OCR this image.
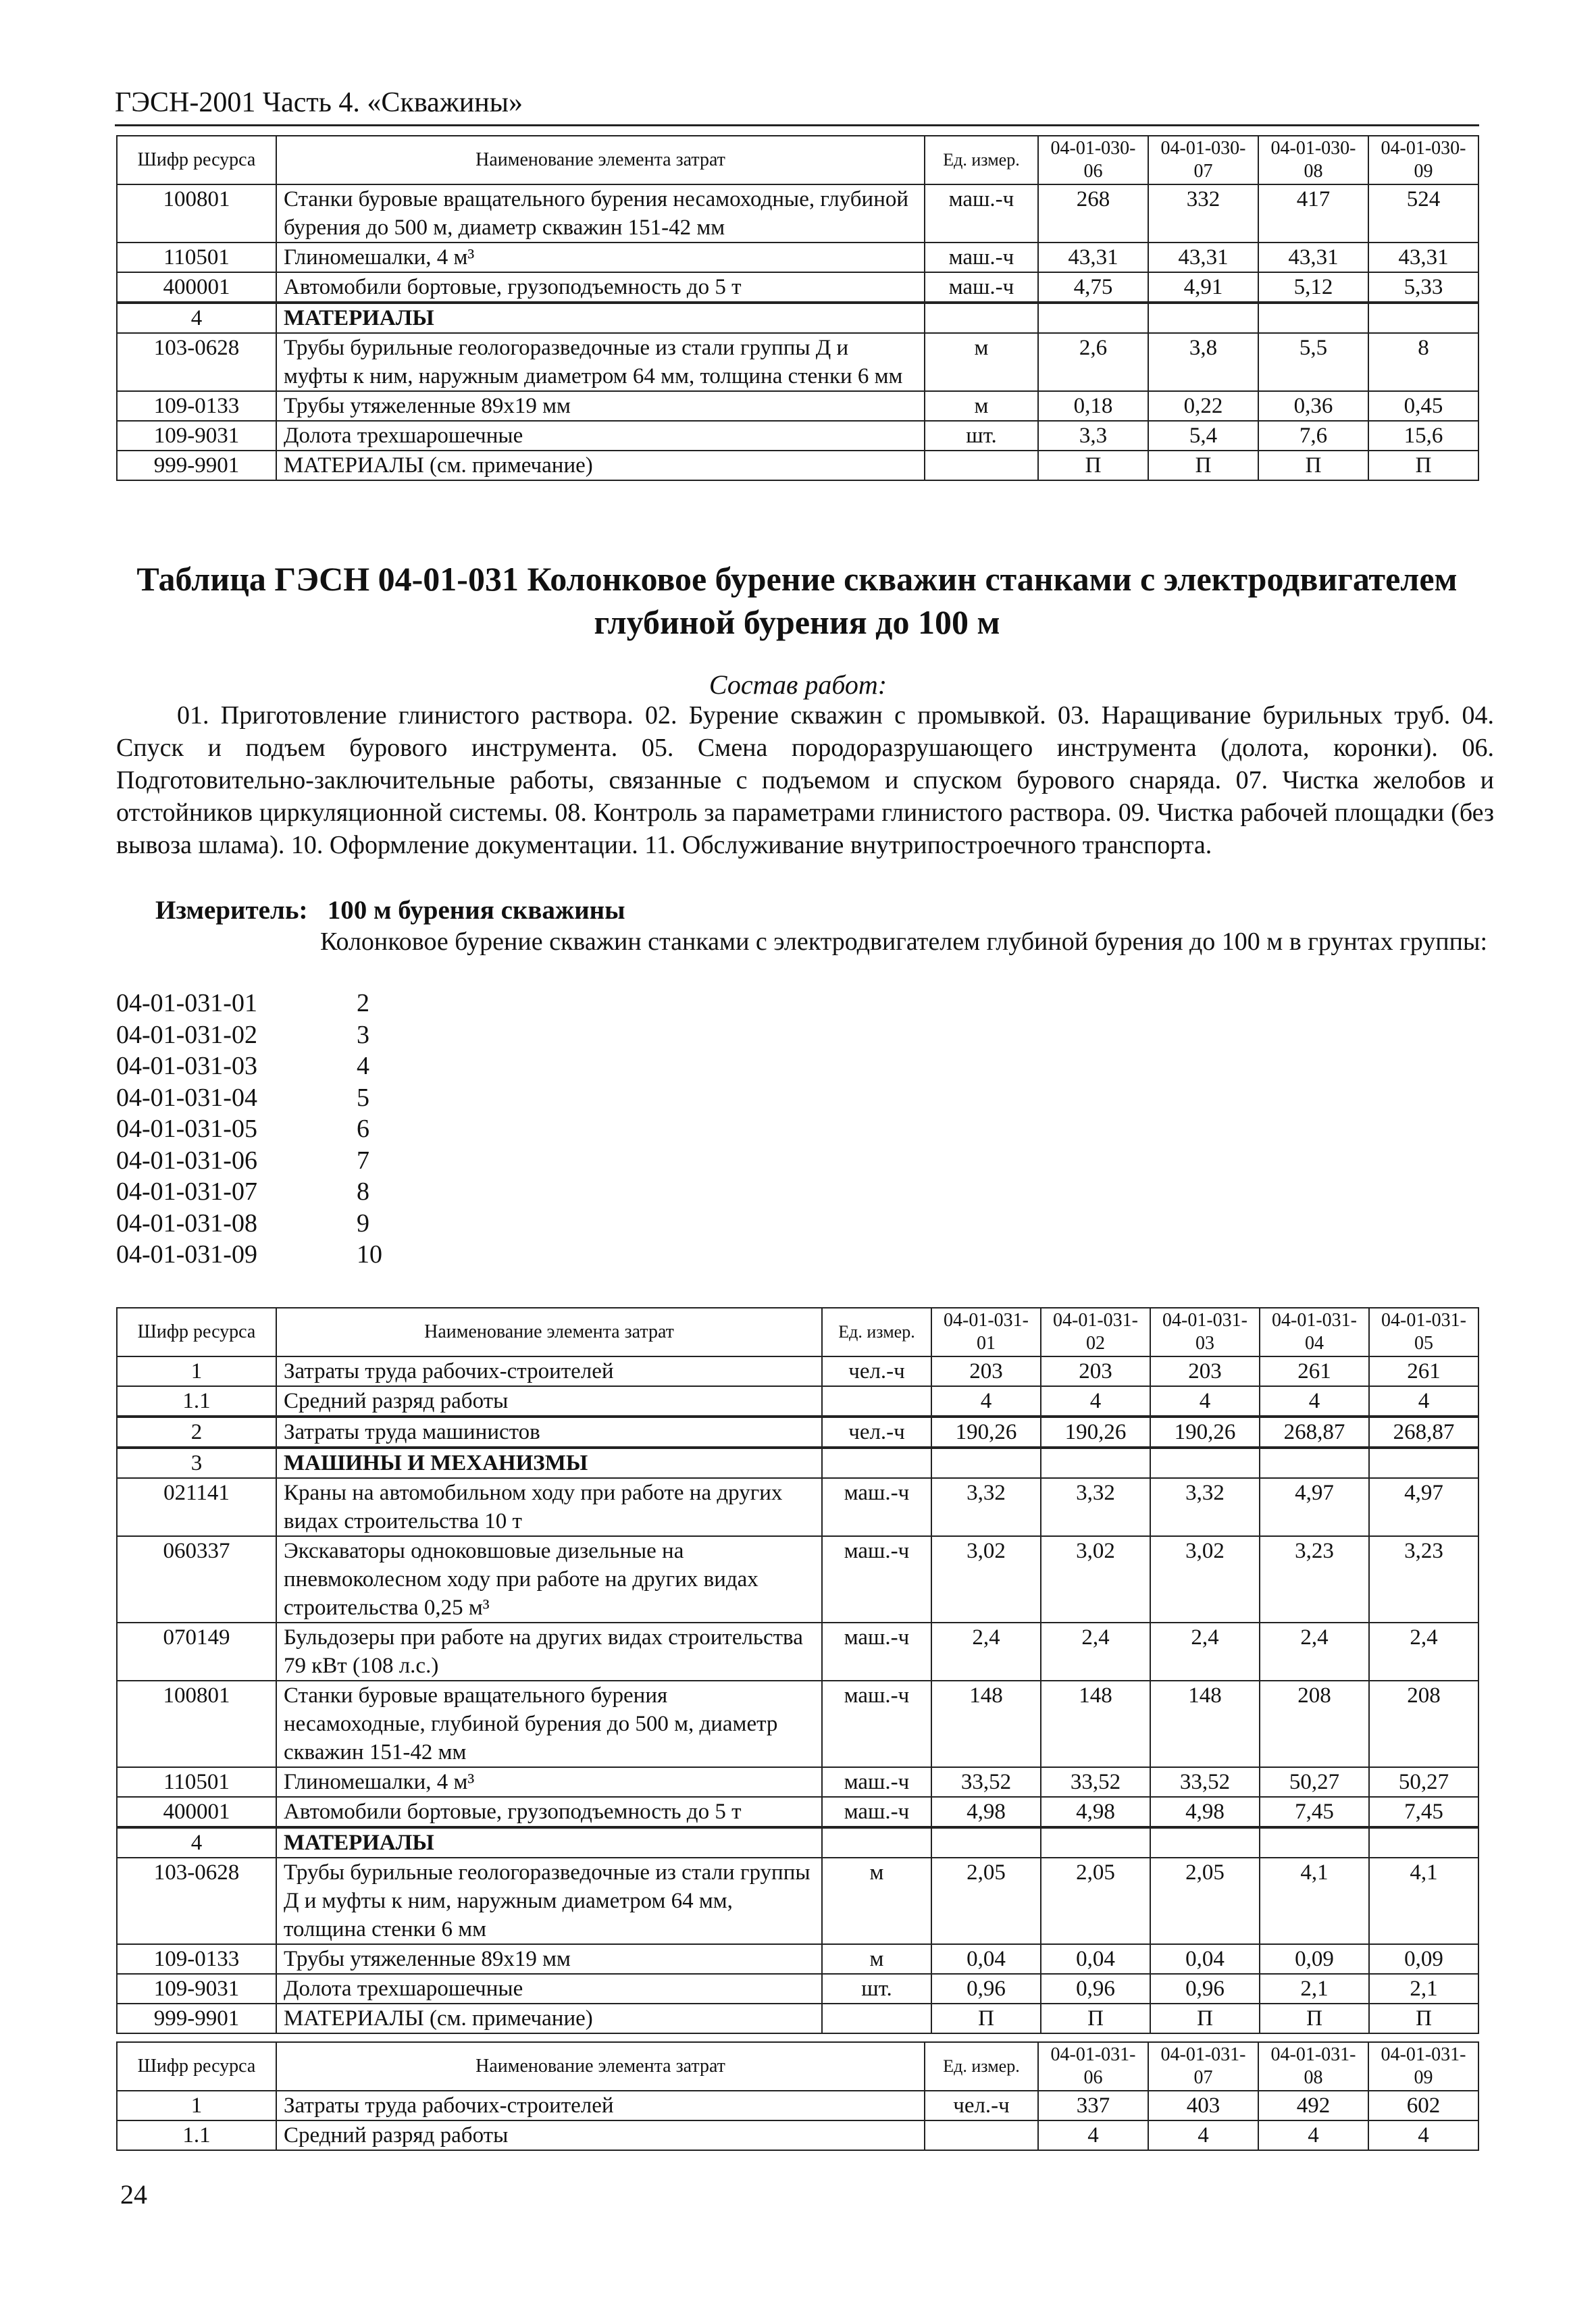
ГЭСН-2001 Часть 4. «Скважины»
Шифр ресурса	Наименование элемента затрат	Ед. измер.	04-01-030-06	04-01-030-07	04-01-030-08	04-01-030-09
100801	Станки буровые вращательного бурения несамоходные, глубиной бурения до 500 м, диаметр скважин 151-42 мм	маш.-ч	268	332	417	524
110501	Глиномешалки, 4 м³	маш.-ч	43,31	43,31	43,31	43,31
400001	Автомобили бортовые, грузоподъемность до 5 т	маш.-ч	4,75	4,91	5,12	5,33
4	МАТЕРИАЛЫ					
103-0628	Трубы бурильные геологоразведочные из стали группы Д и муфты к ним, наружным диаметром 64 мм, толщина стенки 6 мм	м	2,6	3,8	5,5	8
109-0133	Трубы утяжеленные 89х19 мм	м	0,18	0,22	0,36	0,45
109-9031	Долота трехшарошечные	шт.	3,3	5,4	7,6	15,6
999-9901	МАТЕРИАЛЫ (см. примечание)		П	П	П	П
Таблица ГЭСН 04-01-031 Колонковое бурение скважин станками с электродвигателем глубиной бурения до 100 м
Состав работ:
01. Приготовление глинистого раствора. 02. Бурение скважин с промывкой. 03. Наращивание бурильных труб. 04. Спуск и подъем бурового инструмента. 05. Смена породоразрушающего инструмента (долота, коронки). 06. Подготовительно-заключительные работы, связанные с подъемом и спуском бурового снаряда. 07. Чистка желобов и отстойников циркуляционной системы. 08. Контроль за параметрами глинистого раствора. 09. Чистка рабочей площадки (без вывоза шлама). 10. Оформление документации. 11. Обслуживание внутрипостроечного транспорта.
Измеритель:   100 м бурения скважины
Колонковое бурение скважин станками с электродвигателем глубиной бурения до 100 м в грунтах группы:
04-01-031-01	2
04-01-031-02	3
04-01-031-03	4
04-01-031-04	5
04-01-031-05	6
04-01-031-06	7
04-01-031-07	8
04-01-031-08	9
04-01-031-09	10
Шифр ресурса	Наименование элемента затрат	Ед. измер.	04-01-031-01	04-01-031-02	04-01-031-03	04-01-031-04	04-01-031-05
1	Затраты труда рабочих-строителей	чел.-ч	203	203	203	261	261
1.1	Средний разряд работы		4	4	4	4	4
2	Затраты труда машинистов	чел.-ч	190,26	190,26	190,26	268,87	268,87
3	МАШИНЫ И МЕХАНИЗМЫ						
021141	Краны на автомобильном ходу при работе на других видах строительства 10 т	маш.-ч	3,32	3,32	3,32	4,97	4,97
060337	Экскаваторы одноковшовые дизельные на пневмоколесном ходу при работе на других видах строительства 0,25 м³	маш.-ч	3,02	3,02	3,02	3,23	3,23
070149	Бульдозеры при работе на других видах строительства 79 кВт (108 л.с.)	маш.-ч	2,4	2,4	2,4	2,4	2,4
100801	Станки буровые вращательного бурения несамоходные, глубиной бурения до 500 м, диаметр скважин 151-42 мм	маш.-ч	148	148	148	208	208
110501	Глиномешалки, 4 м³	маш.-ч	33,52	33,52	33,52	50,27	50,27
400001	Автомобили бортовые, грузоподъемность до 5 т	маш.-ч	4,98	4,98	4,98	7,45	7,45
4	МАТЕРИАЛЫ						
103-0628	Трубы бурильные геологоразведочные из стали группы Д и муфты к ним, наружным диаметром 64 мм, толщина стенки 6 мм	м	2,05	2,05	2,05	4,1	4,1
109-0133	Трубы утяжеленные 89х19 мм	м	0,04	0,04	0,04	0,09	0,09
109-9031	Долота трехшарошечные	шт.	0,96	0,96	0,96	2,1	2,1
999-9901	МАТЕРИАЛЫ (см. примечание)		П	П	П	П	П
Шифр ресурса	Наименование элемента затрат	Ед. измер.	04-01-031-06	04-01-031-07	04-01-031-08	04-01-031-09
1	Затраты труда рабочих-строителей	чел.-ч	337	403	492	602
1.1	Средний разряд работы		4	4	4	4
24
